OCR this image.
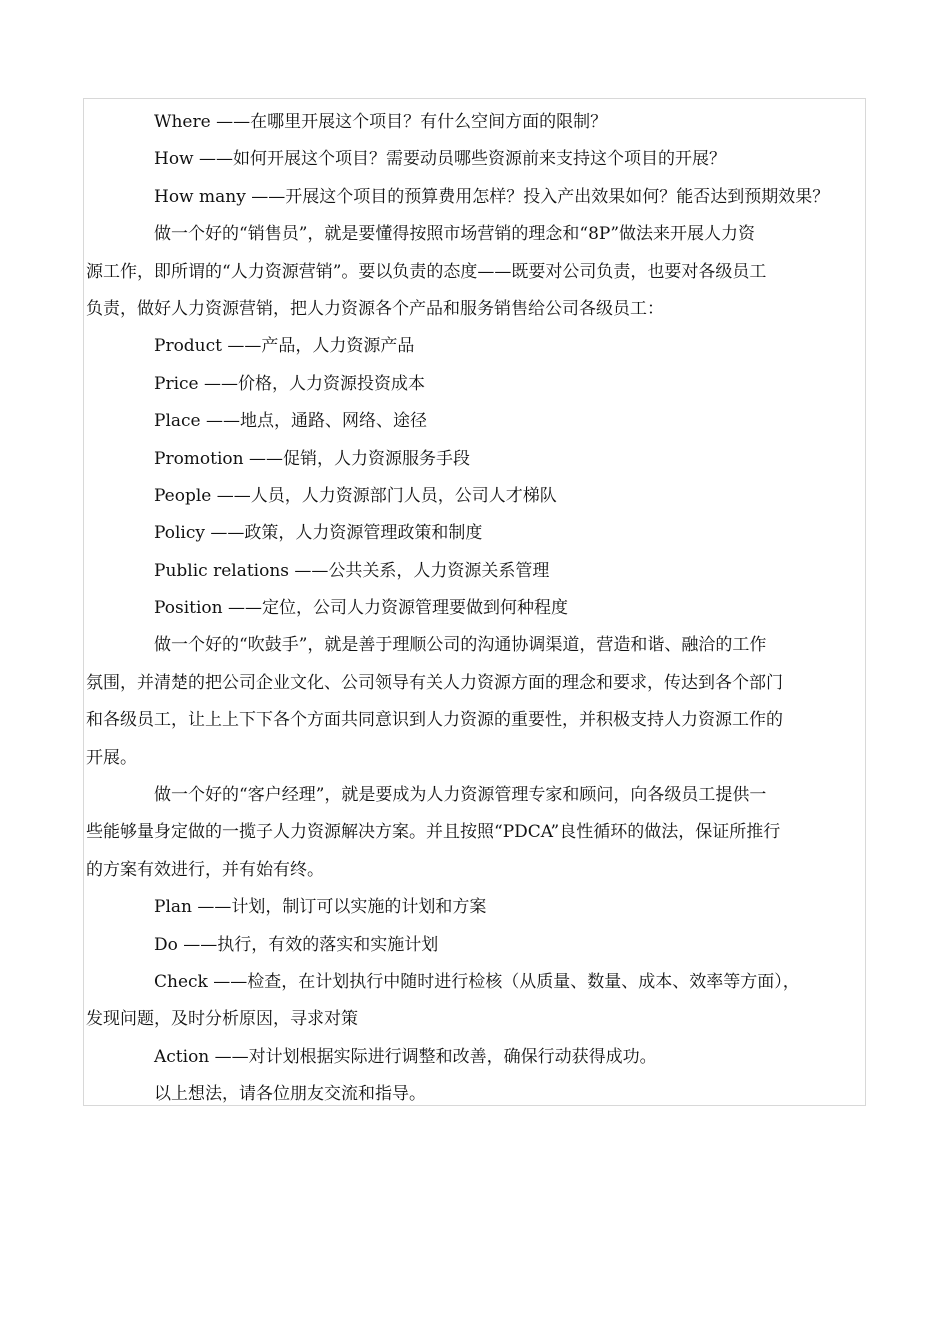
Where ——在哪里开展这个项目？有什么空间方面的限制？
How ——如何开展这个项目？需要动员哪些资源前来支持这个项目的开展？
How many ——开展这个项目的预算费用怎样？投入产出效果如何？能否达到预期效果？
做一个好的“销售员”，就是要懂得按照市场营销的理念和“8P”做法来开展人力资
源工作，即所谓的“人力资源营销”。要以负责的态度——既要对公司负责，也要对各级员工
负责，做好人力资源营销，把人力资源各个产品和服务销售给公司各级员工：
Product ——产品，人力资源产品
Price ——价格，人力资源投资成本
Place ——地点，通路、网络、途径
Promotion ——促销，人力资源服务手段
People ——人员，人力资源部门人员，公司人才梯队
Policy ——政策，人力资源管理政策和制度
Public relations ——公共关系，人力资源关系管理
Position ——定位，公司人力资源管理要做到何种程度
做一个好的“吹鼓手”，就是善于理顺公司的沟通协调渠道，营造和谐、融洽的工作
氛围，并清楚的把公司企业文化、公司领导有关人力资源方面的理念和要求，传达到各个部门
和各级员工，让上上下下各个方面共同意识到人力资源的重要性，并积极支持人力资源工作的
开展。
做一个好的“客户经理”，就是要成为人力资源管理专家和顾问，向各级员工提供一
些能够量身定做的一揽子人力资源解决方案。并且按照“PDCA”良性循环的做法，保证所推行
的方案有效进行，并有始有终。
Plan ——计划，制订可以实施的计划和方案
Do ——执行，有效的落实和实施计划
Check ——检查，在计划执行中随时进行检核（从质量、数量、成本、效率等方面），
发现问题，及时分析原因，寻求对策
Action ——对计划根据实际进行调整和改善，确保行动获得成功。
以上想法，请各位朋友交流和指导。
